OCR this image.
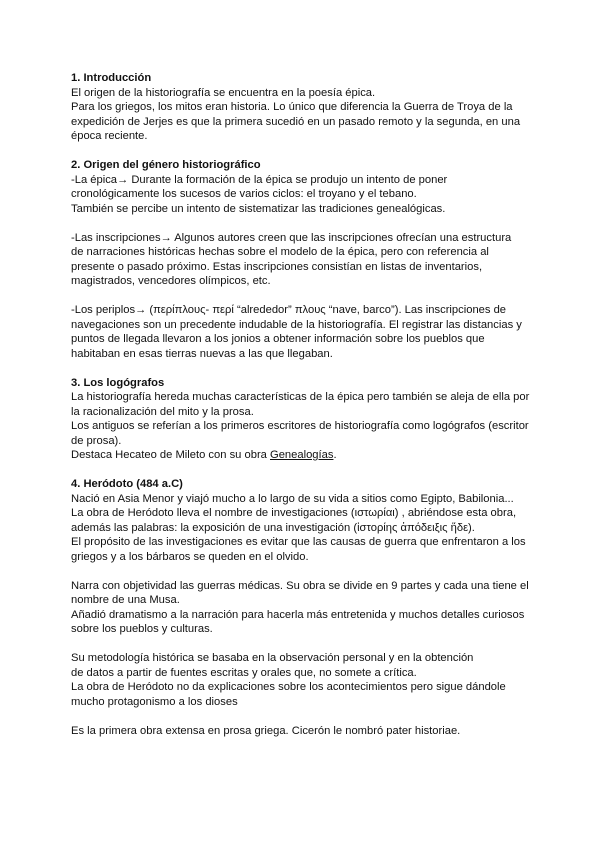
1. Introducción

El origen de la historiografía se encuentra en la poesía épica.

Para los griegos, los mitos eran historia. Lo único que diferencia la Guerra de Troya de la

expedición de Jerjes es que la primera sucedió en un pasado remoto y la segunda, en una

época reciente.

2. Origen del género historiográfico

-La épica→ Durante la formación de la épica se produjo un intento de poner

cronológicamente los sucesos de varios ciclos: el troyano y el tebano.

También se percibe un intento de sistematizar las tradiciones genealógicas.

-Las inscripciones→ Algunos autores creen que las inscripciones ofrecían una estructura

de narraciones históricas hechas sobre el modelo de la épica, pero con referencia al

presente o pasado próximo. Estas inscripciones consistían en listas de inventarios,

magistrados, vencedores olímpicos, etc.

-Los periplos→ (περίπλους- περί “alrededor” πλους “nave, barco”). Las inscripciones de

navegaciones son un precedente indudable de la historiografía. El registrar las distancias y

puntos de llegada llevaron a los jonios a obtener información sobre los pueblos que

habitaban en esas tierras nuevas a las que llegaban.

3. Los logógrafos

La historiografía hereda muchas características de la épica pero también se aleja de ella por

la racionalización del mito y la prosa.

Los antiguos se referían a los primeros escritores de historiografía como logógrafos (escritor

de prosa).

Destaca Hecateo de Mileto con su obra Genealogías.

4. Heródoto (484 a.C)

Nació en Asia Menor y viajó mucho a lo largo de su vida a sitios como Egipto, Babilonia...

La obra de Heródoto lleva el nombre de investigaciones (ιστωρίαι) , abriéndose esta obra,

además las palabras: la exposición de una investigación (ἱστορίης ἀπόδειξις ἥδε).

El propósito de las investigaciones es evitar que las causas de guerra que enfrentaron a los

griegos y a los bárbaros se queden en el olvido.

Narra con objetividad las guerras médicas. Su obra se divide en 9 partes y cada una tiene el

nombre de una Musa.

Añadió dramatismo a la narración para hacerla más entretenida y muchos detalles curiosos

sobre los pueblos y culturas.

Su metodología histórica se basaba en la observación personal y en la obtención

de datos a partir de fuentes escritas y orales que, no somete a crítica.

La obra de Heródoto no da explicaciones sobre los acontecimientos pero sigue dándole

mucho protagonismo a los dioses

Es la primera obra extensa en prosa griega. Cicerón le nombró pater historiae.
